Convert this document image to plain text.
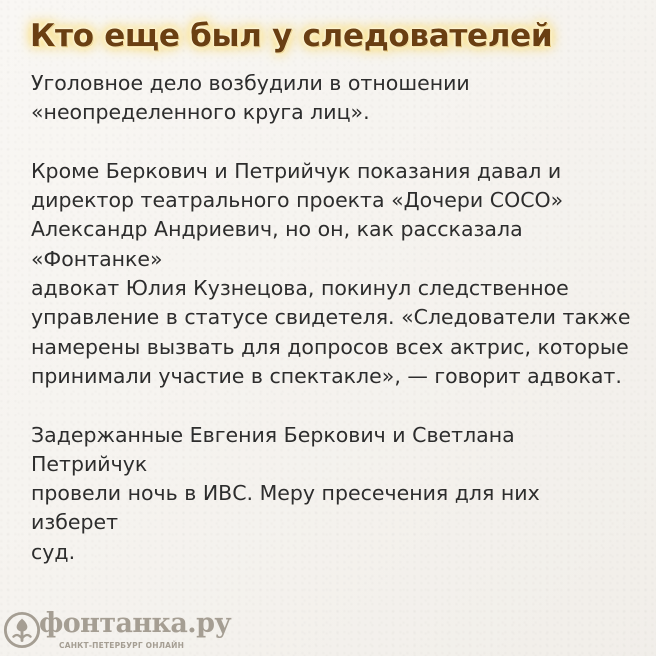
Кто еще был у следователей

Уголовное дело возбудили в отношении
«неопределенного круга лиц».

Кроме Беркович и Петрийчук показания давал и
директор театрального проекта «Дочери СОСО»
Александр Андриевич, но он, как рассказала «Фонтанке»
адвокат Юлия Кузнецова, покинул следственное
управление в статусе свидетеля. «Следователи также
намерены вызвать для допросов всех актрис, которые
принимали участие в спектакле», — говорит адвокат.

Задержанные Евгения Беркович и Светлана Петрийчук
провели ночь в ИВС. Меру пресечения для них изберет
суд.

фонтанка.ру
САНКТ-ПЕТЕРБУРГ ОНЛАЙН
